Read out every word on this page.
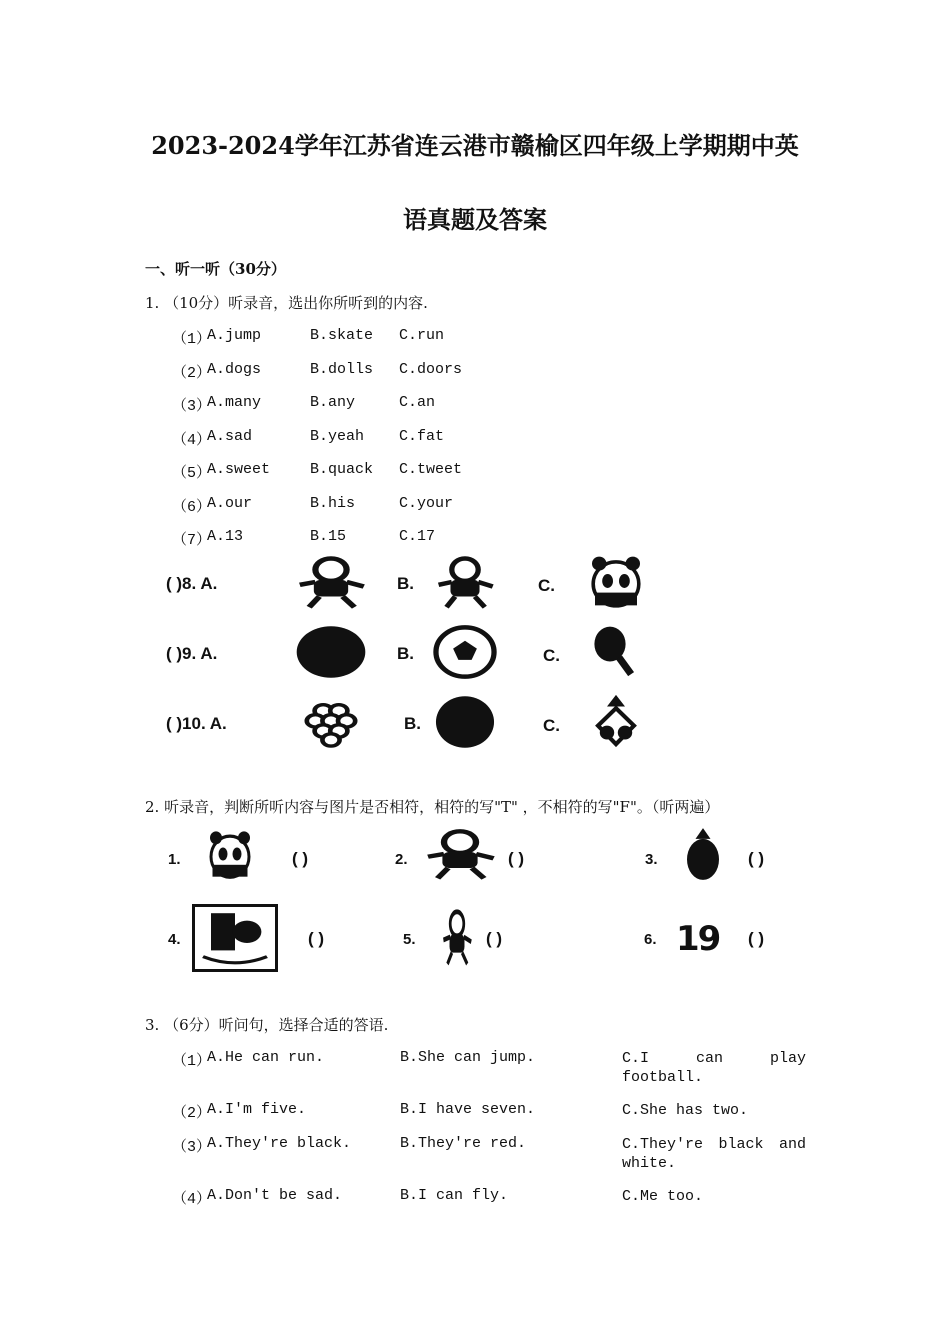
2023-2024学年江苏省连云港市赣榆区四年级上学期期中英
语真题及答案
一、听一听（30分）
1. （10分）听录音，选出你所听到的内容.
2. 听录音，判断所听内容与图片是否相符，相符的写"T" ，不相符的写"F"。（听两遍）
3. （6分）听问句，选择合适的答语.
（1）
A.jump	B.skate C.run
（2）
A.dogs	B.dolls C.doors
（3）
A.many	B.any	C.an
（4）
A.sad	B.yeah C.fat
（5）
A.sweet	B.quack C.tweet
（6）
A.our	B.his	C.your
（7）
A.13	B.15	C.17
( )8. A.	B.	C.
( )9. A.	B.	C.
( )10. A.	B.	C.
1.	( )	2.	( )	3.	( )
4.	( )	5.	( )	6.	( )
19
（1）
A.He can run.	B.She can jump.	C.I can play football.
（2）
A.I'm five.	B.I have seven.	C.She has two.
（3）
A.They're black.	B.They're red.	C.They're black and white.
（4）
A.Don't be sad.	B.I can fly.	C.Me too.
